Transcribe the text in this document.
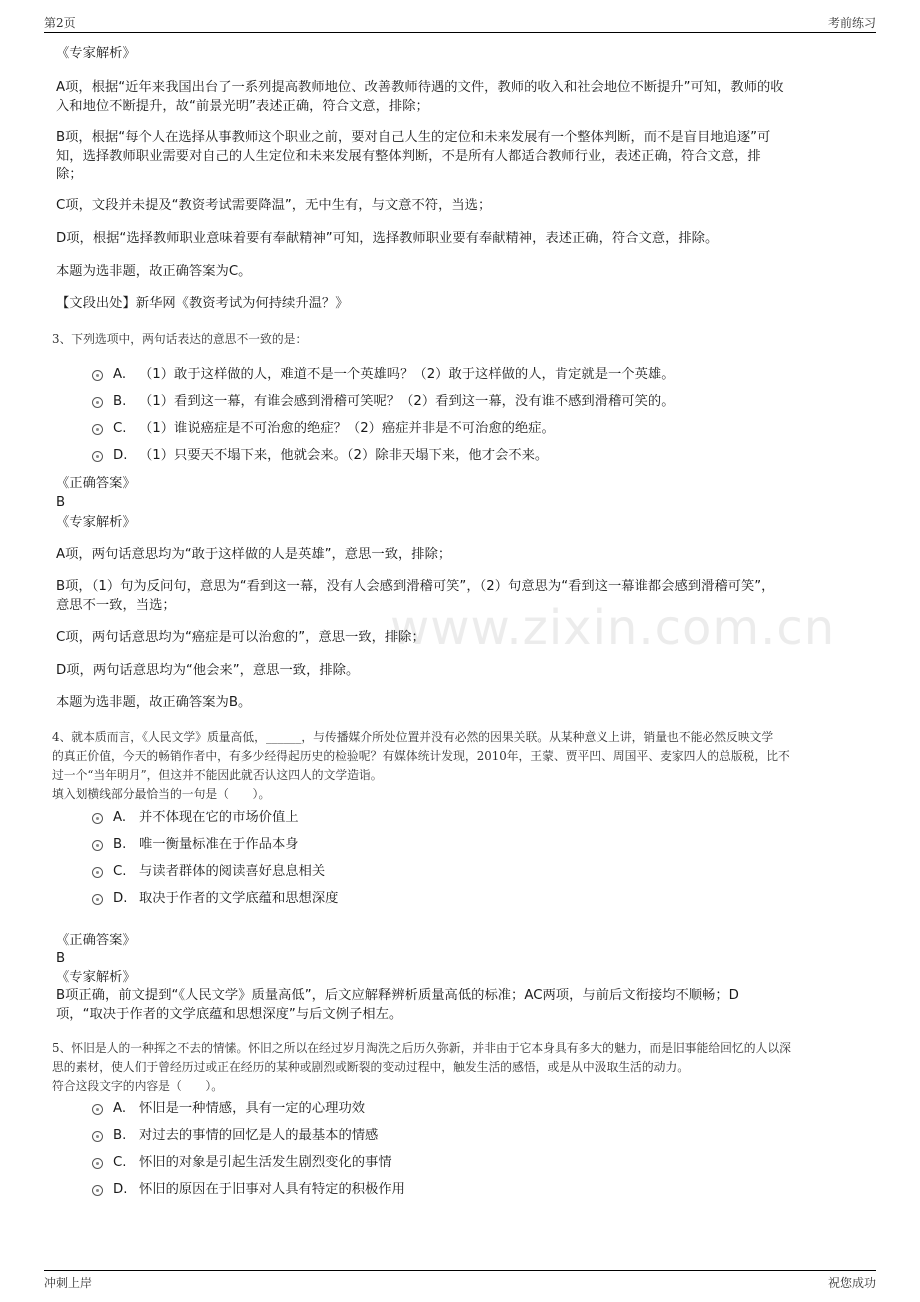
第2页	考前练习
www.zixin.com.cn
《专家解析》
A项，根据“近年来我国出台了一系列提高教师地位、改善教师待遇的文件，教师的收入和社会地位不断提升”可知，教师的收
入和地位不断提升，故“前景光明”表述正确，符合文意，排除；
B项，根据“每个人在选择从事教师这个职业之前，要对自己人生的定位和未来发展有一个整体判断，而不是盲目地追逐”可
知，选择教师职业需要对自己的人生定位和未来发展有整体判断，不是所有人都适合教师行业，表述正确，符合文意，排
除；
C项，文段并未提及“教资考试需要降温”，无中生有，与文意不符，当选；
D项，根据“选择教师职业意味着要有奉献精神”可知，选择教师职业要有奉献精神，表述正确，符合文意，排除。
本题为选非题，故正确答案为C。
【文段出处】新华网《教资考试为何持续升温？》
3、下列选项中，两句话表达的意思不一致的是：
A. （1）敢于这样做的人，难道不是一个英雄吗？（2）敢于这样做的人，肯定就是一个英雄。
B. （1）看到这一幕，有谁会感到滑稽可笑呢？（2）看到这一幕，没有谁不感到滑稽可笑的。
C. （1）谁说癌症是不可治愈的绝症？（2）癌症并非是不可治愈的绝症。
D. （1）只要天不塌下来，他就会来。（2）除非天塌下来，他才会不来。
《正确答案》
B
《专家解析》
A项，两句话意思均为“敢于这样做的人是英雄”，意思一致，排除；
B项，（1）句为反问句，意思为“看到这一幕，没有人会感到滑稽可笑”，（2）句意思为“看到这一幕谁都会感到滑稽可笑”，
意思不一致，当选；
C项，两句话意思均为“癌症是可以治愈的”，意思一致，排除；
D项，两句话意思均为“他会来”，意思一致，排除。
本题为选非题，故正确答案为B。
4、就本质而言，《人民文学》质量高低，______，与传播媒介所处位置并没有必然的因果关联。从某种意义上讲，销量也不能必然反映文学
的真正价值，今天的畅销作者中，有多少经得起历史的检验呢？有媒体统计发现，2010年，王蒙、贾平凹、周国平、麦家四人的总版税，比不
过一个“当年明月”，但这并不能因此就否认这四人的文学造诣。
填入划横线部分最恰当的一句是（　　）。
A. 并不体现在它的市场价值上
B. 唯一衡量标准在于作品本身
C. 与读者群体的阅读喜好息息相关
D. 取决于作者的文学底蕴和思想深度
《正确答案》
B
《专家解析》
B项正确，前文提到“《人民文学》质量高低”，后文应解释辨析质量高低的标准；AC两项，与前后文衔接均不顺畅；D
项，“取决于作者的文学底蕴和思想深度”与后文例子相左。
5、怀旧是人的一种挥之不去的情愫。怀旧之所以在经过岁月淘洗之后历久弥新，并非由于它本身具有多大的魅力，而是旧事能给回忆的人以深
思的素材，使人们于曾经历过或正在经历的某种或剧烈或断裂的变动过程中，触发生活的感悟，或是从中汲取生活的动力。
符合这段文字的内容是（　　）。
A. 怀旧是一种情感，具有一定的心理功效
B. 对过去的事情的回忆是人的最基本的情感
C. 怀旧的对象是引起生活发生剧烈变化的事情
D. 怀旧的原因在于旧事对人具有特定的积极作用
冲刺上岸	祝您成功
